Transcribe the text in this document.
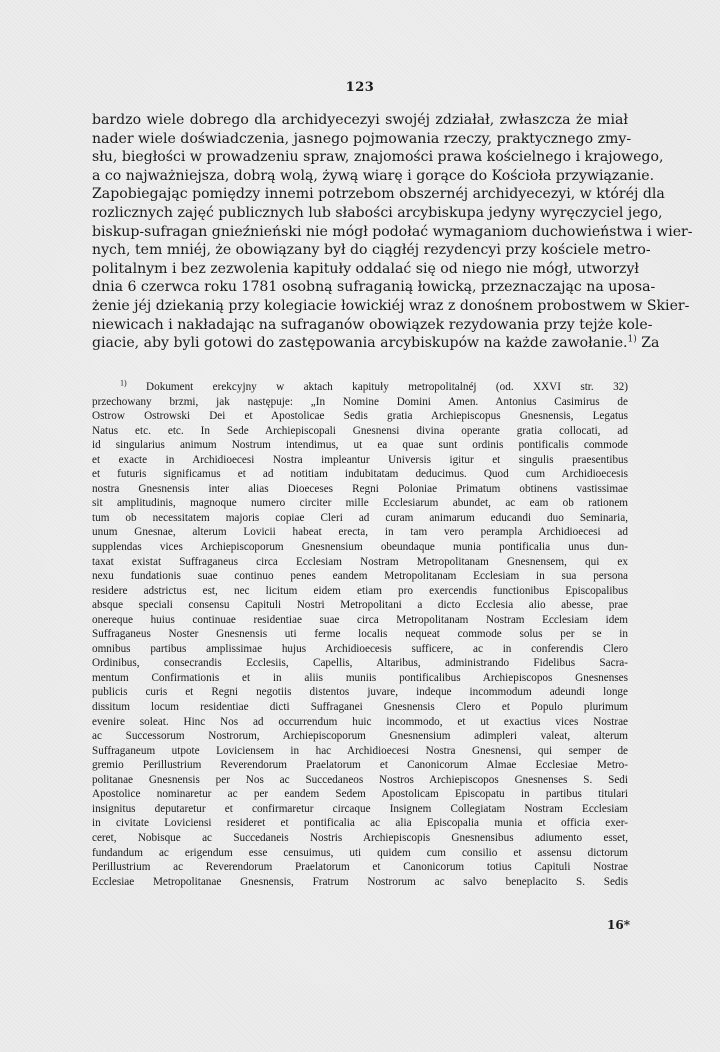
123
bardzo wiele dobrego dla archidyecezyi swojéj zdziałał, zwłaszcza że miał
nader wiele doświadczenia, jasnego pojmowania rzeczy, praktycznego zmy-
słu, biegłości w prowadzeniu spraw, znajomości prawa kościelnego i krajowego,
a co najważniejsza, dobrą wolą, żywą wiarę i gorące do Kościoła przywiązanie.
Zapobiegając pomiędzy innemi potrzebom obszernéj archidyecezyi, w któréj dla
rozlicznych zajęć publicznych lub słabości arcybiskupa jedyny wyręczyciel jego,
biskup-sufragan gnieźnieński nie mógł podołać wymaganiom duchowieństwa i wier-
nych, tem mniéj, że obowiązany był do ciągłéj rezydencyi przy kościele metro-
politalnym i bez zezwolenia kapituły oddalać się od niego nie mógł, utworzył
dnia 6 czerwca roku 1781 osobną sufraganią łowicką, przeznaczając na uposa-
żenie jéj dziekanią przy kolegiacie łowickiéj wraz z donośnem probostwem w Skier-
niewicach i nakładając na sufraganów obowiązek rezydowania przy tejże kole-
giacie, aby byli gotowi do zastępowania arcybiskupów na każde zawołanie.$^{1)}$ Za
$^{1)}$ Dokument erekcyjny w aktach kapituły metropolitalnéj (od. XXVI str. 32)
przechowany brzmi, jak następuje: „In Nomine Domini Amen. Antonius Casimirus de
Ostrow Ostrowski Dei et Apostolicae Sedis gratia Archiepiscopus Gnesnensis, Legatus
Natus etc. etc. In Sede Archiepiscopali Gnesnensi divina operante gratia collocati, ad
id singularius animum Nostrum intendimus, ut ea quae sunt ordinis pontificalis commode
et exacte in Archidioecesi Nostra impleantur Universis igitur et singulis praesentibus
et futuris significamus et ad notitiam indubitatam deducimus. Quod cum Archidioecesis
nostra Gnesnensis inter alias Dioeceses Regni Poloniae Primatum obtinens vastissimae
sit amplitudinis, magnoque numero circiter mille Ecclesiarum abundet, ac eam ob rationem
tum ob necessitatem majoris copiae Cleri ad curam animarum educandi duo Seminaria,
unum Gnesnae, alterum Lovicii habeat erecta, in tam vero perampla Archidioecesi ad
supplendas vices Archiepiscoporum Gnesnensium obeundaque munia pontificalia unus dun-
taxat existat Suffraganeus circa Ecclesiam Nostram Metropolitanam Gnesnensem, qui ex
nexu fundationis suae continuo penes eandem Metropolitanam Ecclesiam in sua persona
residere adstrictus est, nec licitum eidem etiam pro exercendis functionibus Episcopalibus
absque speciali consensu Capituli Nostri Metropolitani a dicto Ecclesia alio abesse, prae
onereque huius continuae residentiae suae circa Metropolitanam Nostram Ecclesiam idem
Suffraganeus Noster Gnesnensis uti ferme localis nequeat commode solus per se in
omnibus partibus amplissimae hujus Archidioecesis sufficere, ac in conferendis Clero
Ordinibus, consecrandis Ecclesiis, Capellis, Altaribus, administrando Fidelibus Sacra-
mentum Confirmationis et in aliis muniis pontificalibus Archiepiscopos Gnesnenses
publicis curis et Regni negotiis distentos juvare, indeque incommodum adeundi longe
dissitum locum residentiae dicti Suffraganei Gnesnensis Clero et Populo plurimum
evenire soleat. Hinc Nos ad occurrendum huic incommodo, et ut exactius vices Nostrae
ac Successorum Nostrorum, Archiepiscoporum Gnesnensium adimpleri valeat, alterum
Suffraganeum utpote Loviciensem in hac Archidioecesi Nostra Gnesnensi, qui semper de
gremio Perillustrium Reverendorum Praelatorum et Canonicorum Almae Ecclesiae Metro-
politanae Gnesnensis per Nos ac Succedaneos Nostros Archiepiscopos Gnesnenses S. Sedi
Apostolice nominaretur ac per eandem Sedem Apostolicam Episcopatu in partibus titulari
insignitus deputaretur et confirmaretur circaque Insignem Collegiatam Nostram Ecclesiam
in civitate Loviciensi resideret et pontificalia ac alia Episcopalia munia et officia exer-
ceret, Nobisque ac Succedaneis Nostris Archiepiscopis Gnesnensibus adiumento esset,
fundandum ac erigendum esse censuimus, uti quidem cum consilio et assensu dictorum
Perillustrium ac Reverendorum Praelatorum et Canonicorum totius Capituli Nostrae
Ecclesiae Metropolitanae Gnesnensis, Fratrum Nostrorum ac salvo beneplacito S. Sedis
16*
